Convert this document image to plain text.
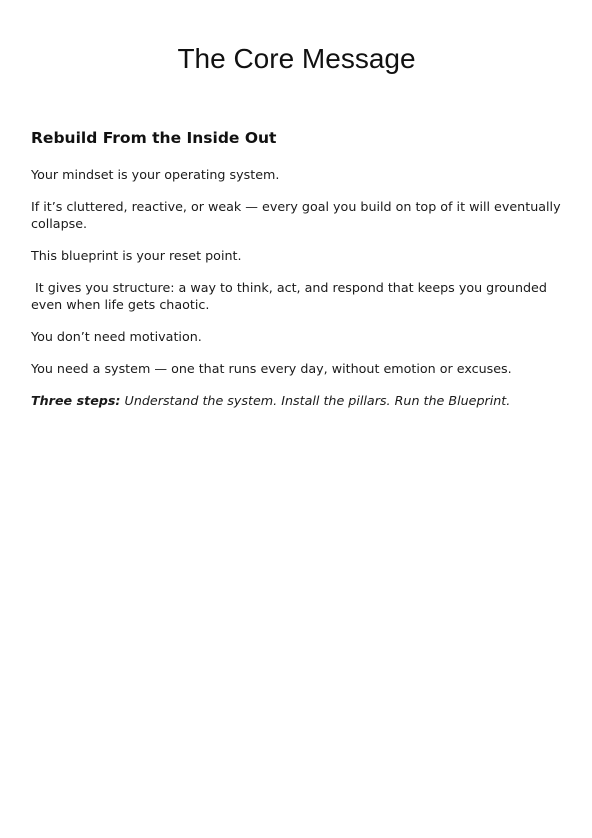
The Core Message
Rebuild From the Inside Out

Your mindset is your operating system.

If it’s cluttered, reactive, or weak — every goal you build on top of it will eventually collapse.

This blueprint is your reset point.

It gives you structure: a way to think, act, and respond that keeps you grounded even when life gets chaotic.

You don’t need motivation.

You need a system — one that runs every day, without emotion or excuses.

Three steps: Understand the system. Install the pillars. Run the Blueprint.
